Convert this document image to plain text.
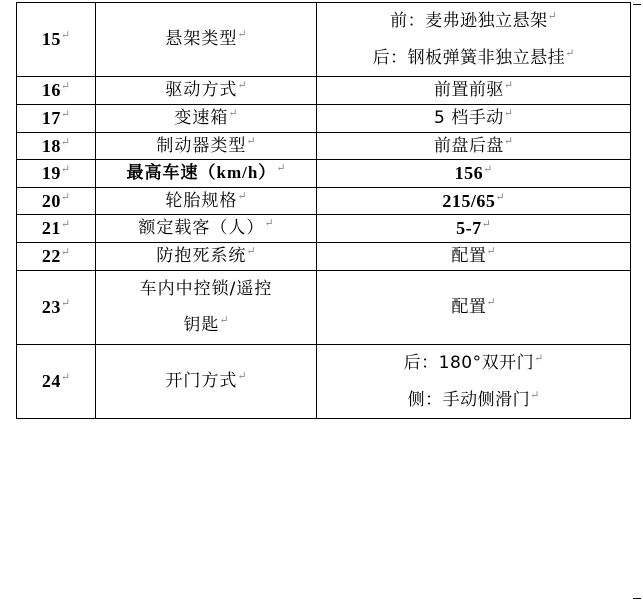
15↵	悬架类型↵	前：麦弗逊独立悬架↵
后：钢板弹簧非独立悬挂↵

16↵	驱动方式↵	前置前驱↵
17↵	变速箱↵	5 档手动↵
18↵	制动器类型↵	前盘后盘↵
19↵	最高车速（km/h）↵	156↵
20↵	轮胎规格↵	215/65↵
21↵	额定载客（人）↵	5-7↵
22↵	防抱死系统↵	配置↵
23↵	车内中控锁/遥控
钥匙↵	配置↵
24↵	开门方式↵	后：180°双开门↵
侧：手动侧滑门↵
